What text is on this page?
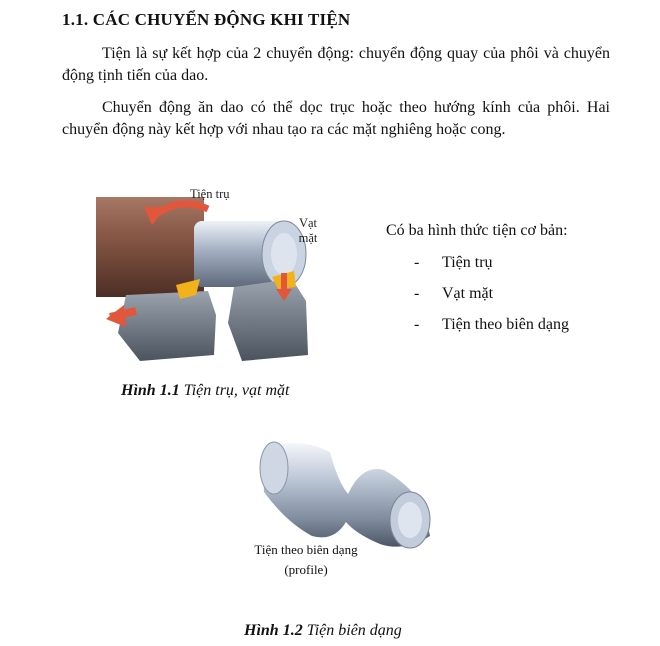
1.1. CÁC CHUYỂN ĐỘNG KHI TIỆN
Tiện là sự kết hợp của 2 chuyển động: chuyển động quay của phôi và chuyển động tịnh tiến của dao.
Chuyển động ăn dao có thể dọc trục hoặc theo hướng kính của phôi. Hai chuyển động này kết hợp với nhau tạo ra các mặt nghiêng hoặc cong.
Tiện trụ
Vạt
mặt
Hình 1.1 Tiện trụ, vạt mặt
Có ba hình thức tiện cơ bản:
- Tiện trụ
- Vạt mặt
- Tiện theo biên dạng
Tiện theo biên dạng
(profile)
Hình 1.2 Tiện biên dạng
